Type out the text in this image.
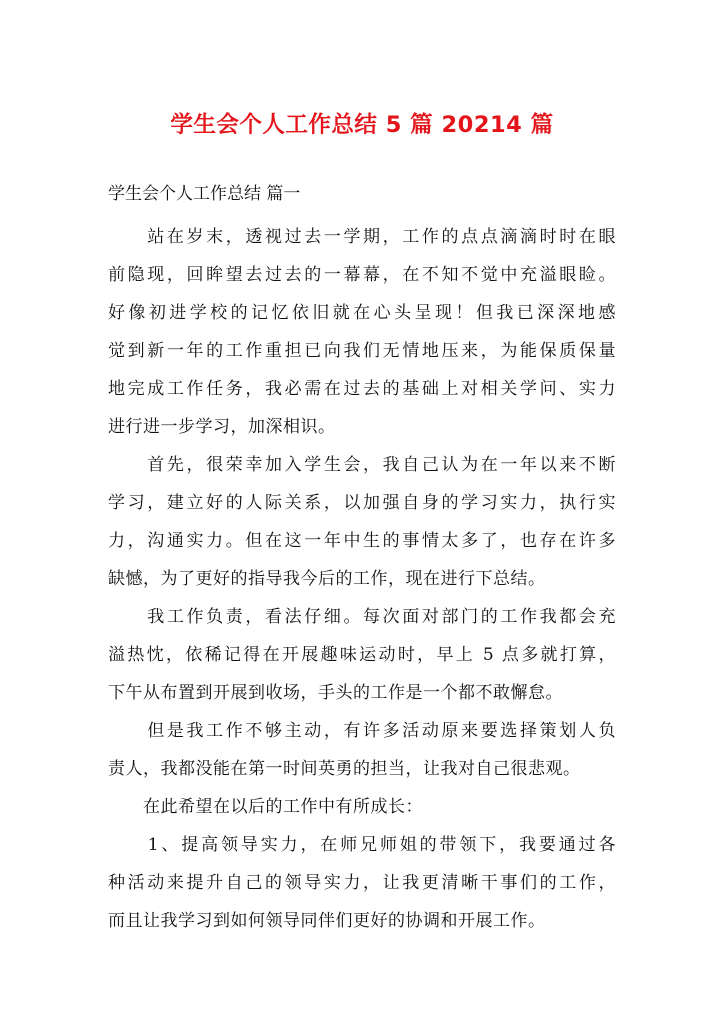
学生会个人工作总结 5 篇 20214 篇
学生会个人工作总结 篇一
　　站在岁末，透视过去一学期，工作的点点滴滴时时在眼
前隐现，回眸望去过去的一幕幕，在不知不觉中充溢眼睑。
好像初进学校的记忆依旧就在心头呈现！但我已深深地感
觉到新一年的工作重担已向我们无情地压来，为能保质保量
地完成工作任务，我必需在过去的基础上对相关学问、实力
进行进一步学习，加深相识。
　　首先，很荣幸加入学生会，我自己认为在一年以来不断
学习，建立好的人际关系，以加强自身的学习实力，执行实
力，沟通实力。但在这一年中生的事情太多了，也存在许多
缺憾，为了更好的指导我今后的工作，现在进行下总结。
　　我工作负责，看法仔细。每次面对部门的工作我都会充
溢热忱，依稀记得在开展趣味运动时，早上 5 点多就打算，
下午从布置到开展到收场，手头的工作是一个都不敢懈怠。
　　但是我工作不够主动，有许多活动原来要选择策划人负
责人，我都没能在第一时间英勇的担当，让我对自己很悲观。
　　在此希望在以后的工作中有所成长：
　　1、提高领导实力，在师兄师姐的带领下，我要通过各
种活动来提升自己的领导实力，让我更清晰干事们的工作，
而且让我学习到如何领导同伴们更好的协调和开展工作。
